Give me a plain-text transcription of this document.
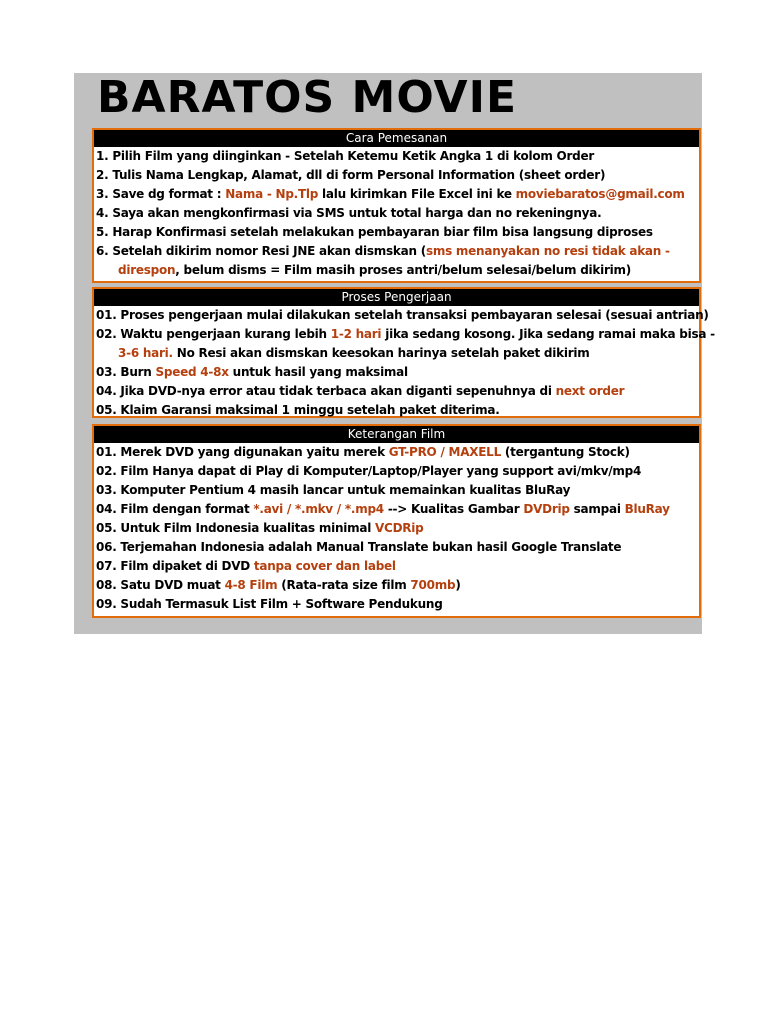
BARATOS MOVIE
Cara Pemesanan
1. Pilih Film yang diinginkan - Setelah Ketemu Ketik Angka 1 di kolom Order
2. Tulis Nama Lengkap, Alamat, dll di form Personal Information (sheet order)
3. Save dg format : Nama - Np.Tlp lalu kirimkan File Excel ini ke moviebaratos@gmail.com
4. Saya akan mengkonfirmasi via SMS untuk total harga dan no rekeningnya.
5. Harap Konfirmasi setelah melakukan pembayaran biar film bisa langsung diproses
6. Setelah dikirim nomor Resi JNE akan dismskan (sms menanyakan no resi tidak akan -
direspon, belum disms = Film masih proses antri/belum selesai/belum dikirim)
Proses Pengerjaan
01. Proses pengerjaan mulai dilakukan setelah transaksi pembayaran selesai (sesuai antrian)
02. Waktu pengerjaan kurang lebih 1-2 hari jika sedang kosong. Jika sedang ramai maka bisa -
3-6 hari. No Resi akan dismskan keesokan harinya setelah paket dikirim
03. Burn Speed 4-8x untuk hasil yang maksimal
04. Jika DVD-nya error atau tidak terbaca akan diganti sepenuhnya di next order
05. Klaim Garansi maksimal 1 minggu setelah paket diterima.
Keterangan Film
01. Merek DVD yang digunakan yaitu merek GT-PRO / MAXELL (tergantung Stock)
02. Film Hanya dapat di Play di Komputer/Laptop/Player yang support avi/mkv/mp4
03. Komputer Pentium 4 masih lancar untuk memainkan kualitas BluRay
04. Film dengan format *.avi / *.mkv / *.mp4 --> Kualitas Gambar DVDrip sampai BluRay
05. Untuk Film Indonesia kualitas minimal VCDRip
06. Terjemahan Indonesia adalah Manual Translate bukan hasil Google Translate
07. Film dipaket di DVD tanpa cover dan label
08. Satu DVD muat 4-8 Film (Rata-rata size film 700mb)
09. Sudah Termasuk List Film + Software Pendukung
